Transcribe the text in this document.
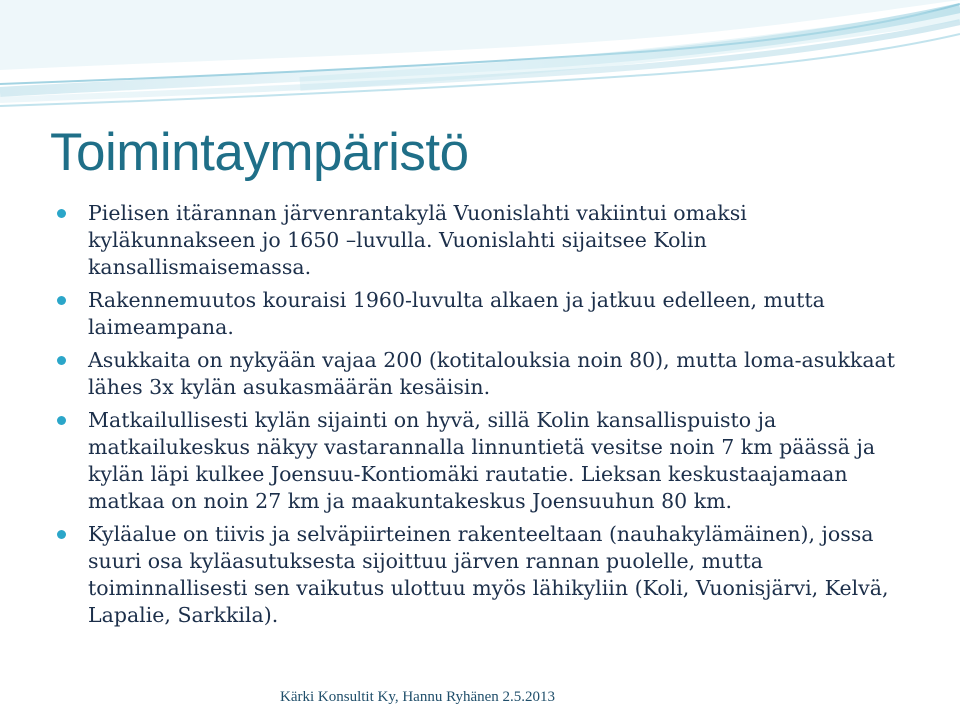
Toimintaympäristö
Pielisen itärannan järvenrantakylä Vuonislahti vakiintui omaksi kyläkunnakseen jo 1650 –luvulla. Vuonislahti sijaitsee Kolin kansallismaisemassa.
Rakennemuutos kouraisi 1960-luvulta alkaen ja jatkuu edelleen, mutta laimeampana.
Asukkaita on nykyään vajaa 200 (kotitalouksia noin 80), mutta loma-asukkaat lähes 3x kylän asukasmäärän kesäisin.
Matkailullisesti kylän sijainti on hyvä, sillä Kolin kansallispuisto ja matkailukeskus näkyy vastarannalla linnuntietä vesitse noin 7 km päässä ja kylän läpi kulkee Joensuu-Kontiomäki rautatie. Lieksan keskustaajamaan matkaa on noin 27 km ja maakuntakeskus Joensuuhun 80 km.
Kyläalue on tiivis ja selväpiirteinen rakenteeltaan (nauhakylämäinen), jossa suuri osa kyläasutuksesta sijoittuu järven rannan puolelle, mutta toiminnallisesti sen vaikutus ulottuu myös lähikyliin (Koli, Vuonisjärvi, Kelvä, Lapalie, Sarkkila).
Kärki Konsultit Ky, Hannu Ryhänen 2.5.2013
